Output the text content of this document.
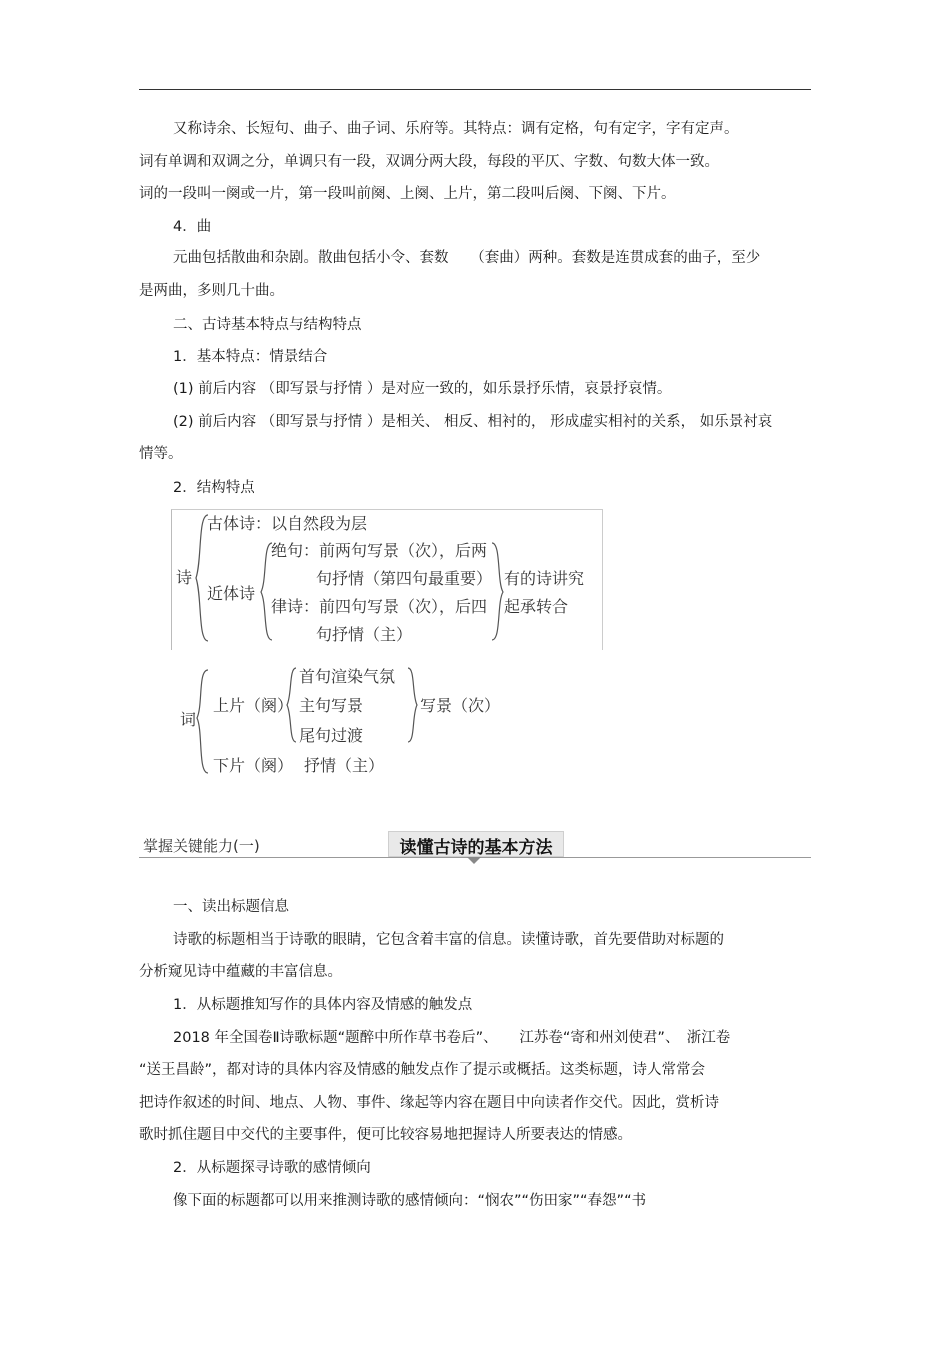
又称诗余、长短句、曲子、曲子词、乐府等。其特点：调有定格，句有定字，字有定声。
词有单调和双调之分，单调只有一段，双调分两大段，每段的平仄、字数、句数大体一致。
词的一段叫一阕或一片，第一段叫前阕、上阕、上片，第二段叫后阕、下阕、下片。
4．曲
元曲包括散曲和杂剧。散曲包括小令、套数　　（套曲）两种。套数是连贯成套的曲子，至少
是两曲，多则几十曲。
二、古诗基本特点与结构特点
1．基本特点：情景结合
(1) 前后内容 （即写景与抒情 ）是对应一致的，如乐景抒乐情，哀景抒哀情。
(2) 前后内容 （即写景与抒情 ）是相关、 相反、相衬的， 形成虚实相衬的关系， 如乐景衬哀
情等。
2．结构特点
诗
古体诗：以自然段为层
近体诗
绝句：前两句写景（次），后两
句抒情（第四句最重要）
律诗：前四句写景（次），后四
句抒情（主）
有的诗讲究
起承转合
词
上片（阕）
首句渲染气氛
主句写景
尾句过渡
写景（次）
下片（阕） 抒情（主）
掌握关键能力(一)	读懂古诗的基本方法
一、读出标题信息
诗歌的标题相当于诗歌的眼睛，它包含着丰富的信息。读懂诗歌，首先要借助对标题的
分析窥见诗中蕴藏的丰富信息。
1．从标题推知写作的具体内容及情感的触发点
2018 年全国卷Ⅱ诗歌标题“题醉中所作草书卷后”、　　江苏卷“寄和州刘使君”、　浙江卷
“送王昌龄”，都对诗的具体内容及情感的触发点作了提示或概括。这类标题，诗人常常会
把诗作叙述的时间、地点、人物、事件、缘起等内容在题目中向读者作交代。因此，赏析诗
歌时抓住题目中交代的主要事件，便可比较容易地把握诗人所要表达的情感。
2．从标题探寻诗歌的感情倾向
像下面的标题都可以用来推测诗歌的感情倾向：“悯农”“伤田家”“春怨”“书
